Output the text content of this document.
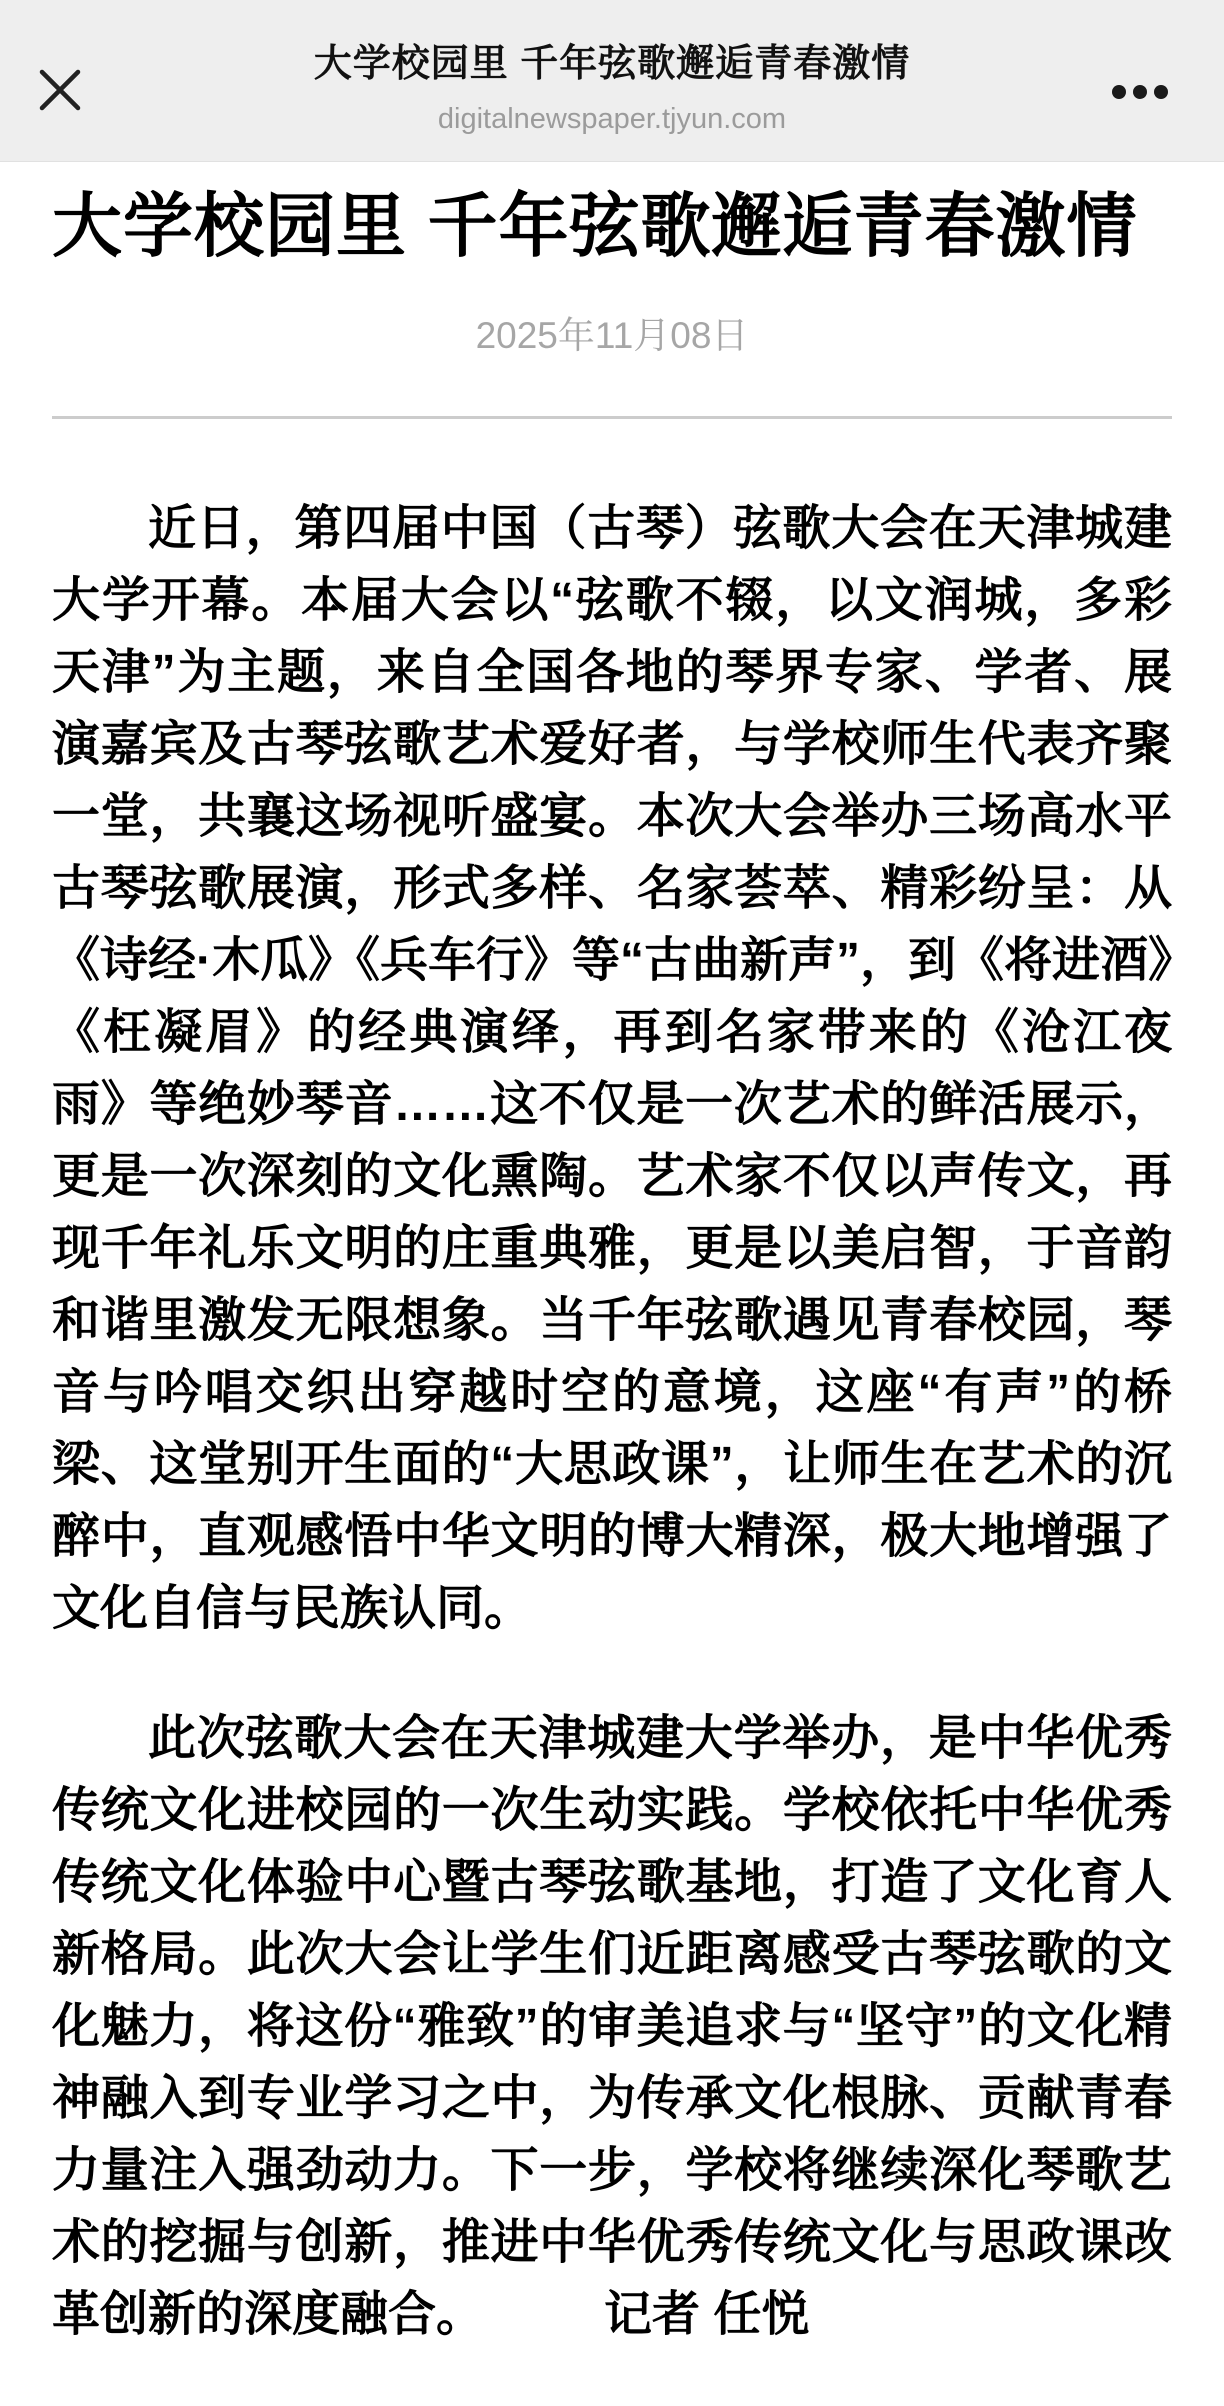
大学校园里 千年弦歌邂逅青春激情
digitalnewspaper.tjyun.com
大学校园里 千年弦歌邂逅青春激情
2025年11月08日

近日，第四届中国（古琴）弦歌大会在天津城建大学开幕。本届大会以“弦歌不辍，以文润城，多彩天津”为主题，来自全国各地的琴界专家、学者、展演嘉宾及古琴弦歌艺术爱好者，与学校师生代表齐聚一堂，共襄这场视听盛宴。本次大会举办三场高水平古琴弦歌展演，形式多样、名家荟萃、精彩纷呈：从《诗经·木瓜》《兵车行》等“古曲新声”，到《将进酒》《枉凝眉》的经典演绎，再到名家带来的《沧江夜雨》等绝妙琴音……这不仅是一次艺术的鲜活展示，更是一次深刻的文化熏陶。艺术家不仅以声传文，再现千年礼乐文明的庄重典雅，更是以美启智，于音韵和谐里激发无限想象。当千年弦歌遇见青春校园，琴音与吟唱交织出穿越时空的意境，这座“有声”的桥梁、这堂别开生面的“大思政课”，让师生在艺术的沉醉中，直观感悟中华文明的博大精深，极大地增强了文化自信与民族认同。

此次弦歌大会在天津城建大学举办，是中华优秀传统文化进校园的一次生动实践。学校依托中华优秀传统文化体验中心暨古琴弦歌基地，打造了文化育人新格局。此次大会让学生们近距离感受古琴弦歌的文化魅力，将这份“雅致”的审美追求与“坚守”的文化精神融入到专业学习之中，为传承文化根脉、贡献青春力量注入强劲动力。下一步，学校将继续深化琴歌艺术的挖掘与创新，推进中华优秀传统文化与思政课改革创新的深度融合。	记者 任悦
